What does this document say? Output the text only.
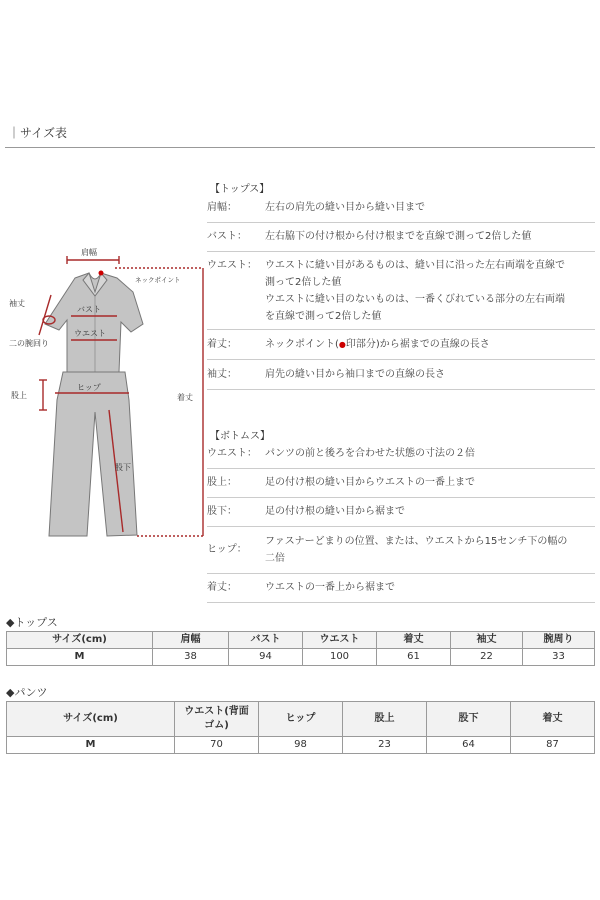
｜サイズ表
肩幅
ネックポイント
袖丈
バスト
ウエスト
二の腕回り
股上
ヒップ
着丈
股下
【トップス】
肩幅：	左右の肩先の縫い目から縫い目まで
バスト：	左右脇下の付け根から付け根までを直線で測って2倍した値
ウエスト： ウエストに縫い目があるものは、縫い目に沿った左右両端を直線で
測って2倍した値
ウエストに縫い目のないものは、一番くびれている部分の左右両端
を直線で測って2倍した値
着丈：	ネックポイント(●印部分)から裾までの直線の長さ
袖丈：	肩先の縫い目から袖口までの直線の長さ
【ボトムス】
ウエスト： パンツの前と後ろを合わせた状態の寸法の２倍
股上：	足の付け根の縫い目からウエストの一番上まで
股下：	足の付け根の縫い目から裾まで
ヒップ：
ファスナーどまりの位置、または、ウエストから15センチ下の幅の
二倍
着丈：	ウエストの一番上から裾まで
◆トップス
サイズ(cm)	肩幅	バスト	ウエスト	着丈	袖丈	腕周り
M	38	94	100	61	22	33
◆パンツ
サイズ(cm)	ウエスト(背面
ゴム)	ヒップ	股上	股下	着丈
M	70	98	23	64	87
